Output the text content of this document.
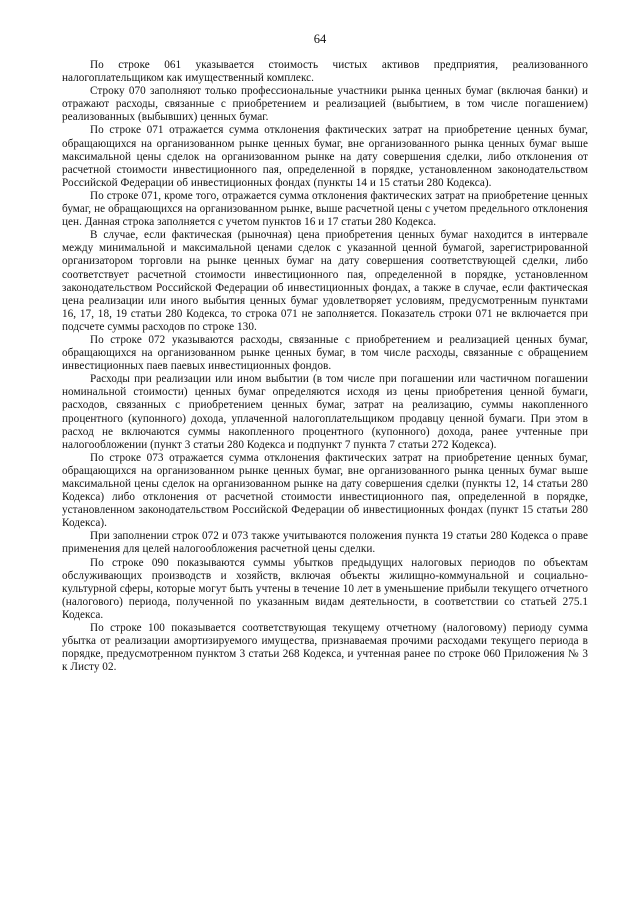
64

По строке 061 указывается стоимость чистых активов предприятия, реализованного налогоплательщиком как имущественный комплекс.

Строку 070 заполняют только профессиональные участники рынка ценных бумаг (включая банки) и отражают расходы, связанные с приобретением и реализацией (выбытием, в том числе погашением) реализованных (выбывших) ценных бумаг.

По строке 071 отражается сумма отклонения фактических затрат на приобретение ценных бумаг, обращающихся на организованном рынке ценных бумаг, вне организованного рынка ценных бумаг выше максимальной цены сделок на организованном рынке на дату совершения сделки, либо отклонения от расчетной стоимости инвестиционного пая, определенной в порядке, установленном законодательством Российской Федерации об инвестиционных фондах (пункты 14 и 15 статьи 280 Кодекса).

По строке 071, кроме того, отражается сумма отклонения фактических затрат на приобретение ценных бумаг, не обращающихся на организованном рынке, выше расчетной цены с учетом предельного отклонения цен. Данная строка заполняется с учетом пунктов 16 и 17 статьи 280 Кодекса.

В случае, если фактическая (рыночная) цена приобретения ценных бумаг находится в интервале между минимальной и максимальной ценами сделок с указанной ценной бумагой, зарегистрированной организатором торговли на рынке ценных бумаг на дату совершения соответствующей сделки, либо соответствует расчетной стоимости инвестиционного пая, определенной в порядке, установленном законодательством Российской Федерации об инвестиционных фондах, а также в случае, если фактическая цена реализации или иного выбытия ценных бумаг удовлетворяет условиям, предусмотренным пунктами 16, 17, 18, 19 статьи 280 Кодекса, то строка 071 не заполняется. Показатель строки 071 не включается при подсчете суммы расходов по строке 130.

По строке 072 указываются расходы, связанные с приобретением и реализацией ценных бумаг, обращающихся на организованном рынке ценных бумаг, в том числе расходы, связанные с обращением инвестиционных паев паевых инвестиционных фондов.

Расходы при реализации или ином выбытии (в том числе при погашении или частичном погашении номинальной стоимости) ценных бумаг определяются исходя из цены приобретения ценной бумаги, расходов, связанных с приобретением ценных бумаг, затрат на реализацию, суммы накопленного процентного (купонного) дохода, уплаченной налогоплательщиком продавцу ценной бумаги. При этом в расход не включаются суммы накопленного процентного (купонного) дохода, ранее учтенные при налогообложении (пункт 3 статьи 280 Кодекса и подпункт 7 пункта 7 статьи 272 Кодекса).

По строке 073 отражается сумма отклонения фактических затрат на приобретение ценных бумаг, обращающихся на организованном рынке ценных бумаг, вне организованного рынка ценных бумаг выше максимальной цены сделок на организованном рынке на дату совершения сделки (пункты 12, 14 статьи 280 Кодекса) либо отклонения от расчетной стоимости инвестиционного пая, определенной в порядке, установленном законодательством Российской Федерации об инвестиционных фондах (пункт 15 статьи 280 Кодекса).

При заполнении строк 072 и 073 также учитываются положения пункта 19 статьи 280 Кодекса о праве применения для целей налогообложения расчетной цены сделки.

По строке 090 показываются суммы убытков предыдущих налоговых периодов по объектам обслуживающих производств и хозяйств, включая объекты жилищно-коммунальной и социально-культурной сферы, которые могут быть учтены в течение 10 лет в уменьшение прибыли текущего отчетного (налогового) периода, полученной по указанным видам деятельности, в соответствии со статьей 275.1 Кодекса.

По строке 100 показывается соответствующая текущему отчетному (налоговому) периоду сумма убытка от реализации амортизируемого имущества, признаваемая прочими расходами текущего периода в порядке, предусмотренном пунктом 3 статьи 268 Кодекса, и учтенная ранее по строке 060 Приложения № 3 к Листу 02.
